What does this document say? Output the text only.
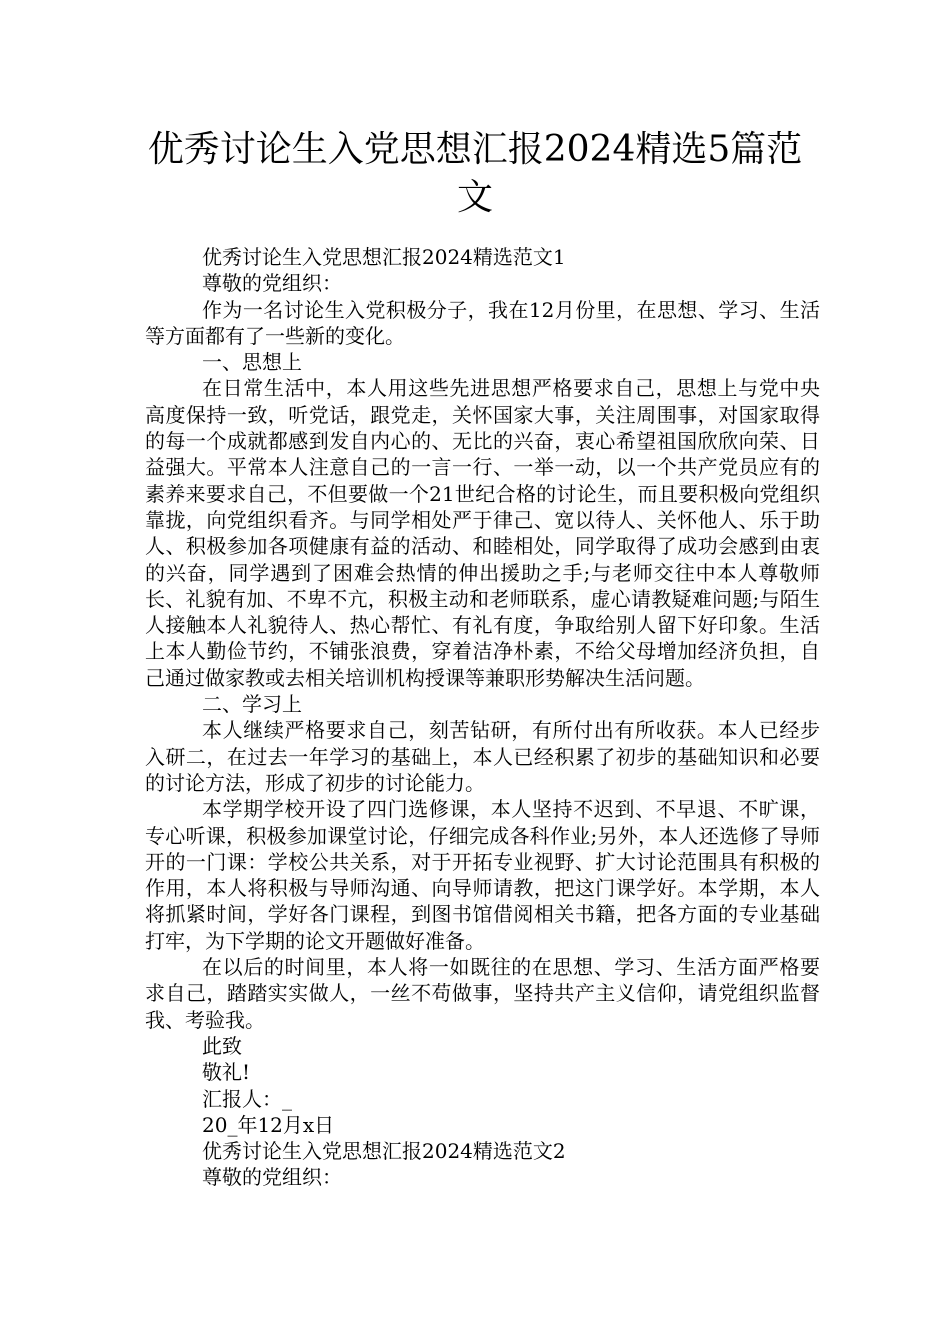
优秀讨论生入党思想汇报2024精选5篇范文

优秀讨论生入党思想汇报2024精选范文1

尊敬的党组织：

作为一名讨论生入党积极分子，我在12月份里，在思想、学习、生活等方面都有了一些新的变化。

一、思想上

在日常生活中，本人用这些先进思想严格要求自己，思想上与党中央高度保持一致，听党话，跟党走，关怀国家大事，关注周围事，对国家取得的每一个成就都感到发自内心的、无比的兴奋，衷心希望祖国欣欣向荣、日益强大。平常本人注意自己的一言一行、一举一动，以一个共产党员应有的素养来要求自己，不但要做一个21世纪合格的讨论生，而且要积极向党组织靠拢，向党组织看齐。与同学相处严于律己、宽以待人、关怀他人、乐于助人、积极参加各项健康有益的活动、和睦相处，同学取得了成功会感到由衷的兴奋，同学遇到了困难会热情的伸出援助之手;与老师交往中本人尊敬师长、礼貌有加、不卑不亢，积极主动和老师联系，虚心请教疑难问题;与陌生人接触本人礼貌待人、热心帮忙、有礼有度，争取给别人留下好印象。生活上本人勤俭节约，不铺张浪费，穿着洁净朴素，不给父母增加经济负担，自己通过做家教或去相关培训机构授课等兼职形势解决生活问题。

二、学习上

本人继续严格要求自己，刻苦钻研，有所付出有所收获。本人已经步入研二，在过去一年学习的基础上，本人已经积累了初步的基础知识和必要的讨论方法，形成了初步的讨论能力。

本学期学校开设了四门选修课，本人坚持不迟到、不早退、不旷课，专心听课，积极参加课堂讨论，仔细完成各科作业;另外，本人还选修了导师开的一门课：学校公共关系，对于开拓专业视野、扩大讨论范围具有积极的作用，本人将积极与导师沟通、向导师请教，把这门课学好。本学期，本人将抓紧时间，学好各门课程，到图书馆借阅相关书籍，把各方面的专业基础打牢，为下学期的论文开题做好准备。

在以后的时间里，本人将一如既往的在思想、学习、生活方面严格要求自己，踏踏实实做人，一丝不苟做事，坚持共产主义信仰，请党组织监督我、考验我。

此致

敬礼!

汇报人：_

20_年12月x日

优秀讨论生入党思想汇报2024精选范文2

尊敬的党组织：
